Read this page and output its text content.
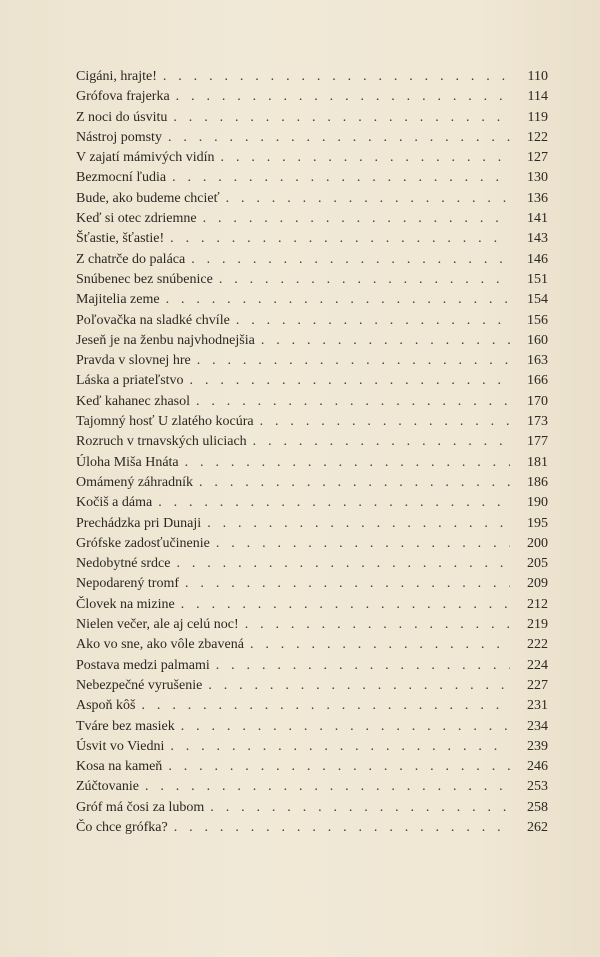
Cigáni, hrajte! . . .	110
Grófova frajerka . . .	114
Z noci do úsvitu . . .	119
Nástroj pomsty . . .	122
V zajatí mámivých vidín . . .	127
Bezmocní ľudia . . .	130
Bude, ako budeme chcieť . . .	136
Keď si otec zdriemne . . .	141
Šťastie, šťastie! . . .	143
Z chatrče do paláca . . .	146
Snúbenec bez snúbenice . . .	151
Majitelia zeme . . .	154
Poľovačka na sladké chvíle . . .	156
Jeseň je na ženbu najvhodnejšia . . .	160
Pravda v slovnej hre . . .	163
Láska a priateľstvo . . .	166
Keď kahanec zhasol . . .	170
Tajomný hosť U zlatého kocúra . . .	173
Rozruch v trnavských uliciach . . .	177
Úloha Miša Hnáta . . .	181
Omámený záhradník . . .	186
Kočiš a dáma . . .	190
Prechádzka pri Dunaji . . .	195
Grófske zadosťučinenie . . .	200
Nedobytné srdce . . .	205
Nepodarený tromf . . .	209
Človek na mizine . . .	212
Nielen večer, ale aj celú noc! . . .	219
Ako vo sne, ako vôle zbavená . . .	222
Postava medzi palmami . . .	224
Nebezpečné vyrušenie . . .	227
Aspoň kôš . . .	231
Tváre bez masiek . . .	234
Úsvit vo Viedni . . .	239
Kosa na kameň . . .	246
Zúčtovanie . . .	253
Gróf má čosi za lubom . . .	258
Čo chce grófka? . . .	262
